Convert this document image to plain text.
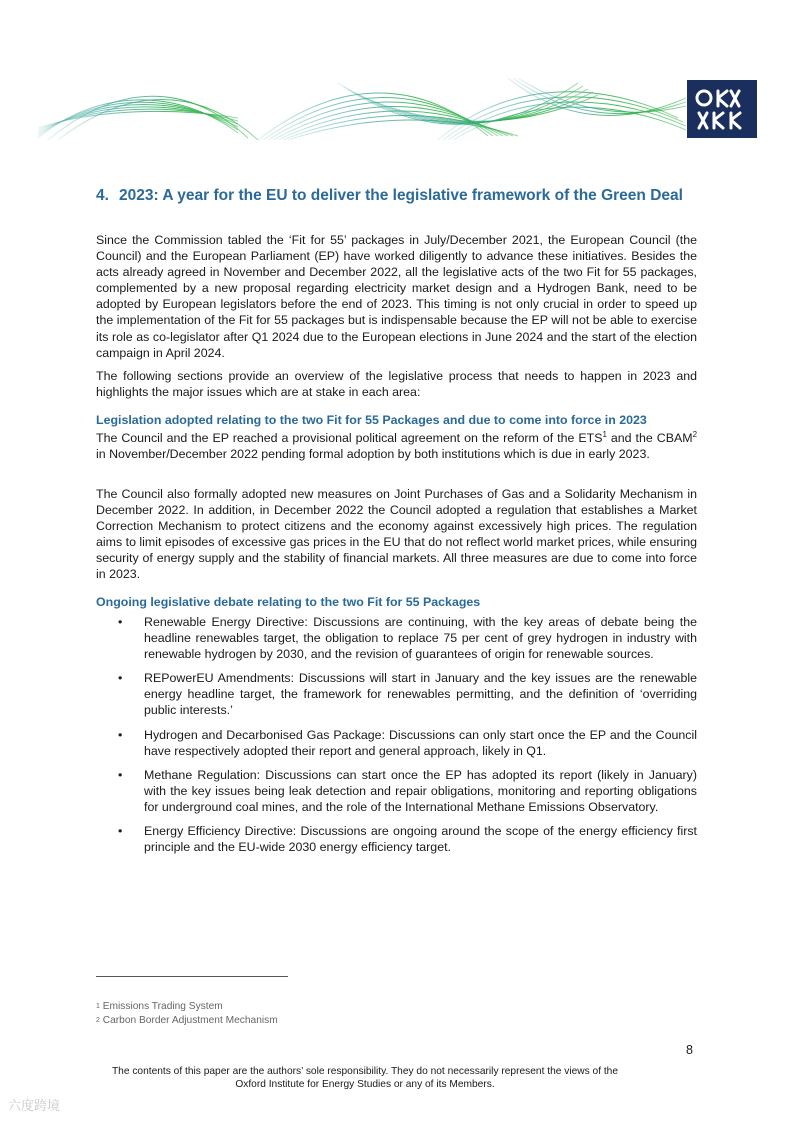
4. 2023: A year for the EU to deliver the legislative framework of the Green Deal

Since the Commission tabled the ‘Fit for 55’ packages in July/December 2021, the European Council (the Council) and the European Parliament (EP) have worked diligently to advance these initiatives. Besides the acts already agreed in November and December 2022, all the legislative acts of the two Fit for 55 packages, complemented by a new proposal regarding electricity market design and a Hydrogen Bank, need to be adopted by European legislators before the end of 2023. This timing is not only crucial in order to speed up the implementation of the Fit for 55 packages but is indispensable because the EP will not be able to exercise its role as co-legislator after Q1 2024 due to the European elections in June 2024 and the start of the election campaign in April 2024.

The following sections provide an overview of the legislative process that needs to happen in 2023 and highlights the major issues which are at stake in each area:

Legislation adopted relating to the two Fit for 55 Packages and due to come into force in 2023

The Council and the EP reached a provisional political agreement on the reform of the ETS$^1$ and the CBAM$^2$ in November/December 2022 pending formal adoption by both institutions which is due in early 2023.

The Council also formally adopted new measures on Joint Purchases of Gas and a Solidarity Mechanism in December 2022. In addition, in December 2022 the Council adopted a regulation that establishes a Market Correction Mechanism to protect citizens and the economy against excessively high prices. The regulation aims to limit episodes of excessive gas prices in the EU that do not reflect world market prices, while ensuring security of energy supply and the stability of financial markets. All three measures are due to come into force in 2023.

Ongoing legislative debate relating to the two Fit for 55 Packages
• Renewable Energy Directive: Discussions are continuing, with the key areas of debate being the headline renewables target, the obligation to replace 75 per cent of grey hydrogen in industry with renewable hydrogen by 2030, and the revision of guarantees of origin for renewable sources.
• REPowerEU Amendments: Discussions will start in January and the key issues are the renewable energy headline target, the framework for renewables permitting, and the definition of ‘overriding public interests.’
• Hydrogen and Decarbonised Gas Package: Discussions can only start once the EP and the Council have respectively adopted their report and general approach, likely in Q1.
• Methane Regulation: Discussions can start once the EP has adopted its report (likely in January) with the key issues being leak detection and repair obligations, monitoring and reporting obligations for underground coal mines, and the role of the International Methane Emissions Observatory.
• Energy Efficiency Directive: Discussions are ongoing around the scope of the energy efficiency first principle and the EU-wide 2030 energy efficiency target.
$^1$ Emissions Trading System
$^2$ Carbon Border Adjustment Mechanism
8
The contents of this paper are the authors’ sole responsibility. They do not necessarily represent the views of the Oxford Institute for Energy Studies or any of its Members.
六度跨境
